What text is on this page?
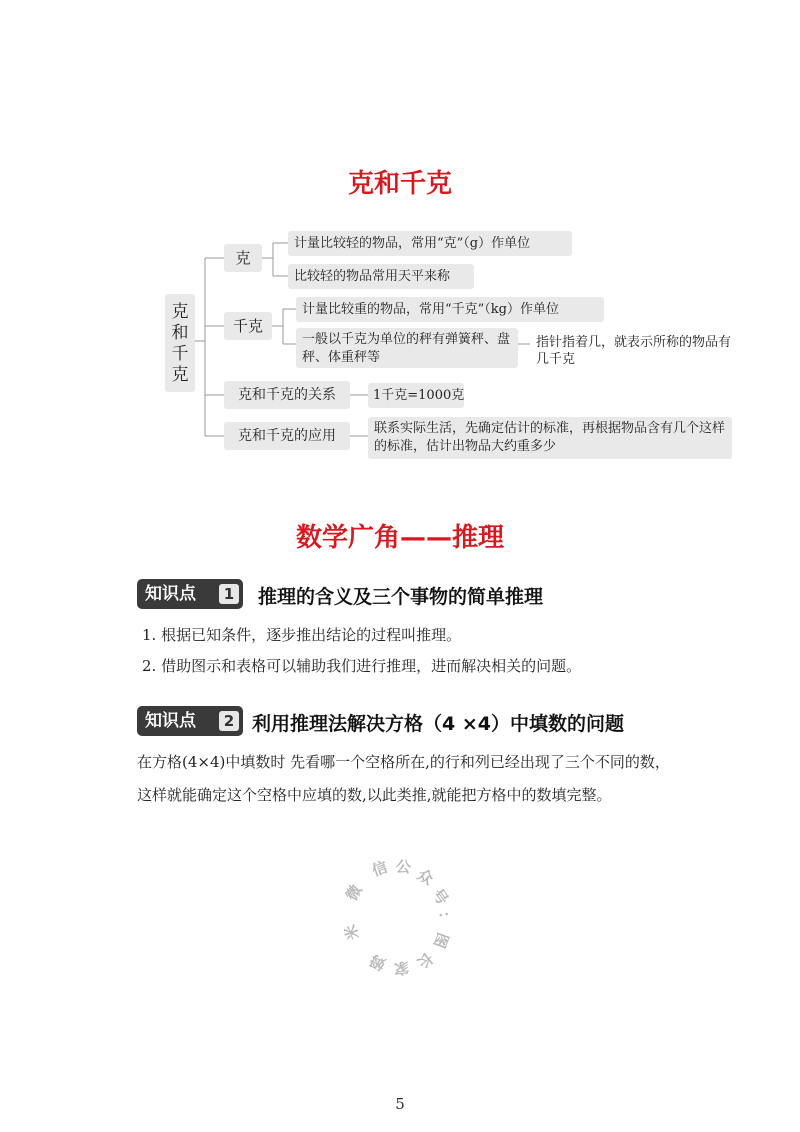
克和千克
克
和
千
克
克
计量比较轻的物品，常用“克”（g）作单位
比较轻的物品常用天平来称
千克
计量比较重的物品，常用“千克”（kg）作单位
一般以千克为单位的秤有弹簧秤、盘秤、体重秤等
指针指着几，就表示所称的物品有几千克
克和千克的关系	1千克=1000克
克和千克的应用	联系实际生活，先确定估计的标准，再根据物品含有几个这样的标准，估计出物品大约重多少
数学广角——推理
知识点	1 推理的含义及三个事物的简单推理
1. 根据已知条件，逐步推出结论的过程叫推理。
2. 借助图示和表格可以辅助我们进行推理，进而解决相关的问题。
知识点	2 利用推理法解决方格（4 ×4）中填数的问题
在方格(4×4)中填数时 先看哪一个空格所在,的行和列已经出现了三个不同的数，
这样就能确定这个空格中应填的数,以此类推,就能把方格中的数填完整。
信 公 众
号
：
图
长
家
姆
米
微
5
